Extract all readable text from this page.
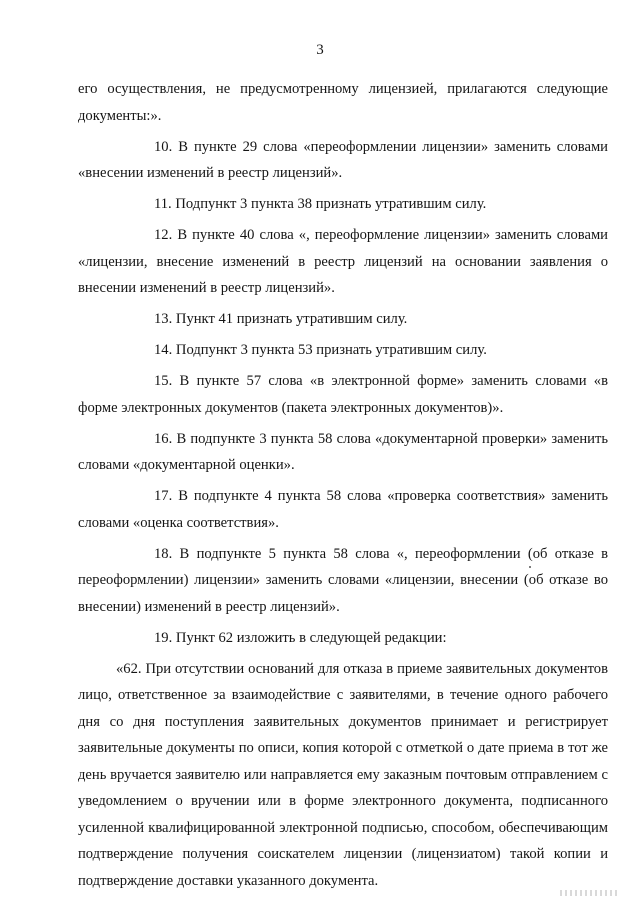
3

его осуществления, не предусмотренному лицензией, прилагаются следующие документы:».

10. В пункте 29 слова «переоформлении лицензии» заменить словами «внесении изменений в реестр лицензий».

11. Подпункт 3 пункта 38 признать утратившим силу.

12. В пункте 40 слова «, переоформление лицензии» заменить словами «лицензии, внесение изменений в реестр лицензий на основании заявления о внесении изменений в реестр лицензий».

13. Пункт 41 признать утратившим силу.

14. Подпункт 3 пункта 53 признать утратившим силу.

15. В пункте 57 слова «в электронной форме» заменить словами «в форме электронных документов (пакета электронных документов)».

16. В подпункте 3 пункта 58 слова «документарной проверки» заменить словами «документарной оценки».

17. В подпункте 4 пункта 58 слова «проверка соответствия» заменить словами «оценка соответствия».

18. В подпункте 5 пункта 58 слова «, переоформлении (об отказе в переоформлении) лицензии» заменить словами «лицензии, внесении (об отказе во внесении) изменений в реестр лицензий».

19. Пункт 62 изложить в следующей редакции:

«62. При отсутствии оснований для отказа в приеме заявительных документов лицо, ответственное за взаимодействие с заявителями, в течение одного рабочего дня со дня поступления заявительных документов принимает и регистрирует заявительные документы по описи, копия которой с отметкой о дате приема в тот же день вручается заявителю или направляется ему заказным почтовым отправлением с уведомлением о вручении или в форме электронного документа, подписанного усиленной квалифицированной электронной подписью, способом, обеспечивающим подтверждение получения соискателем лицензии (лицензиатом) такой копии и подтверждение доставки указанного документа.
